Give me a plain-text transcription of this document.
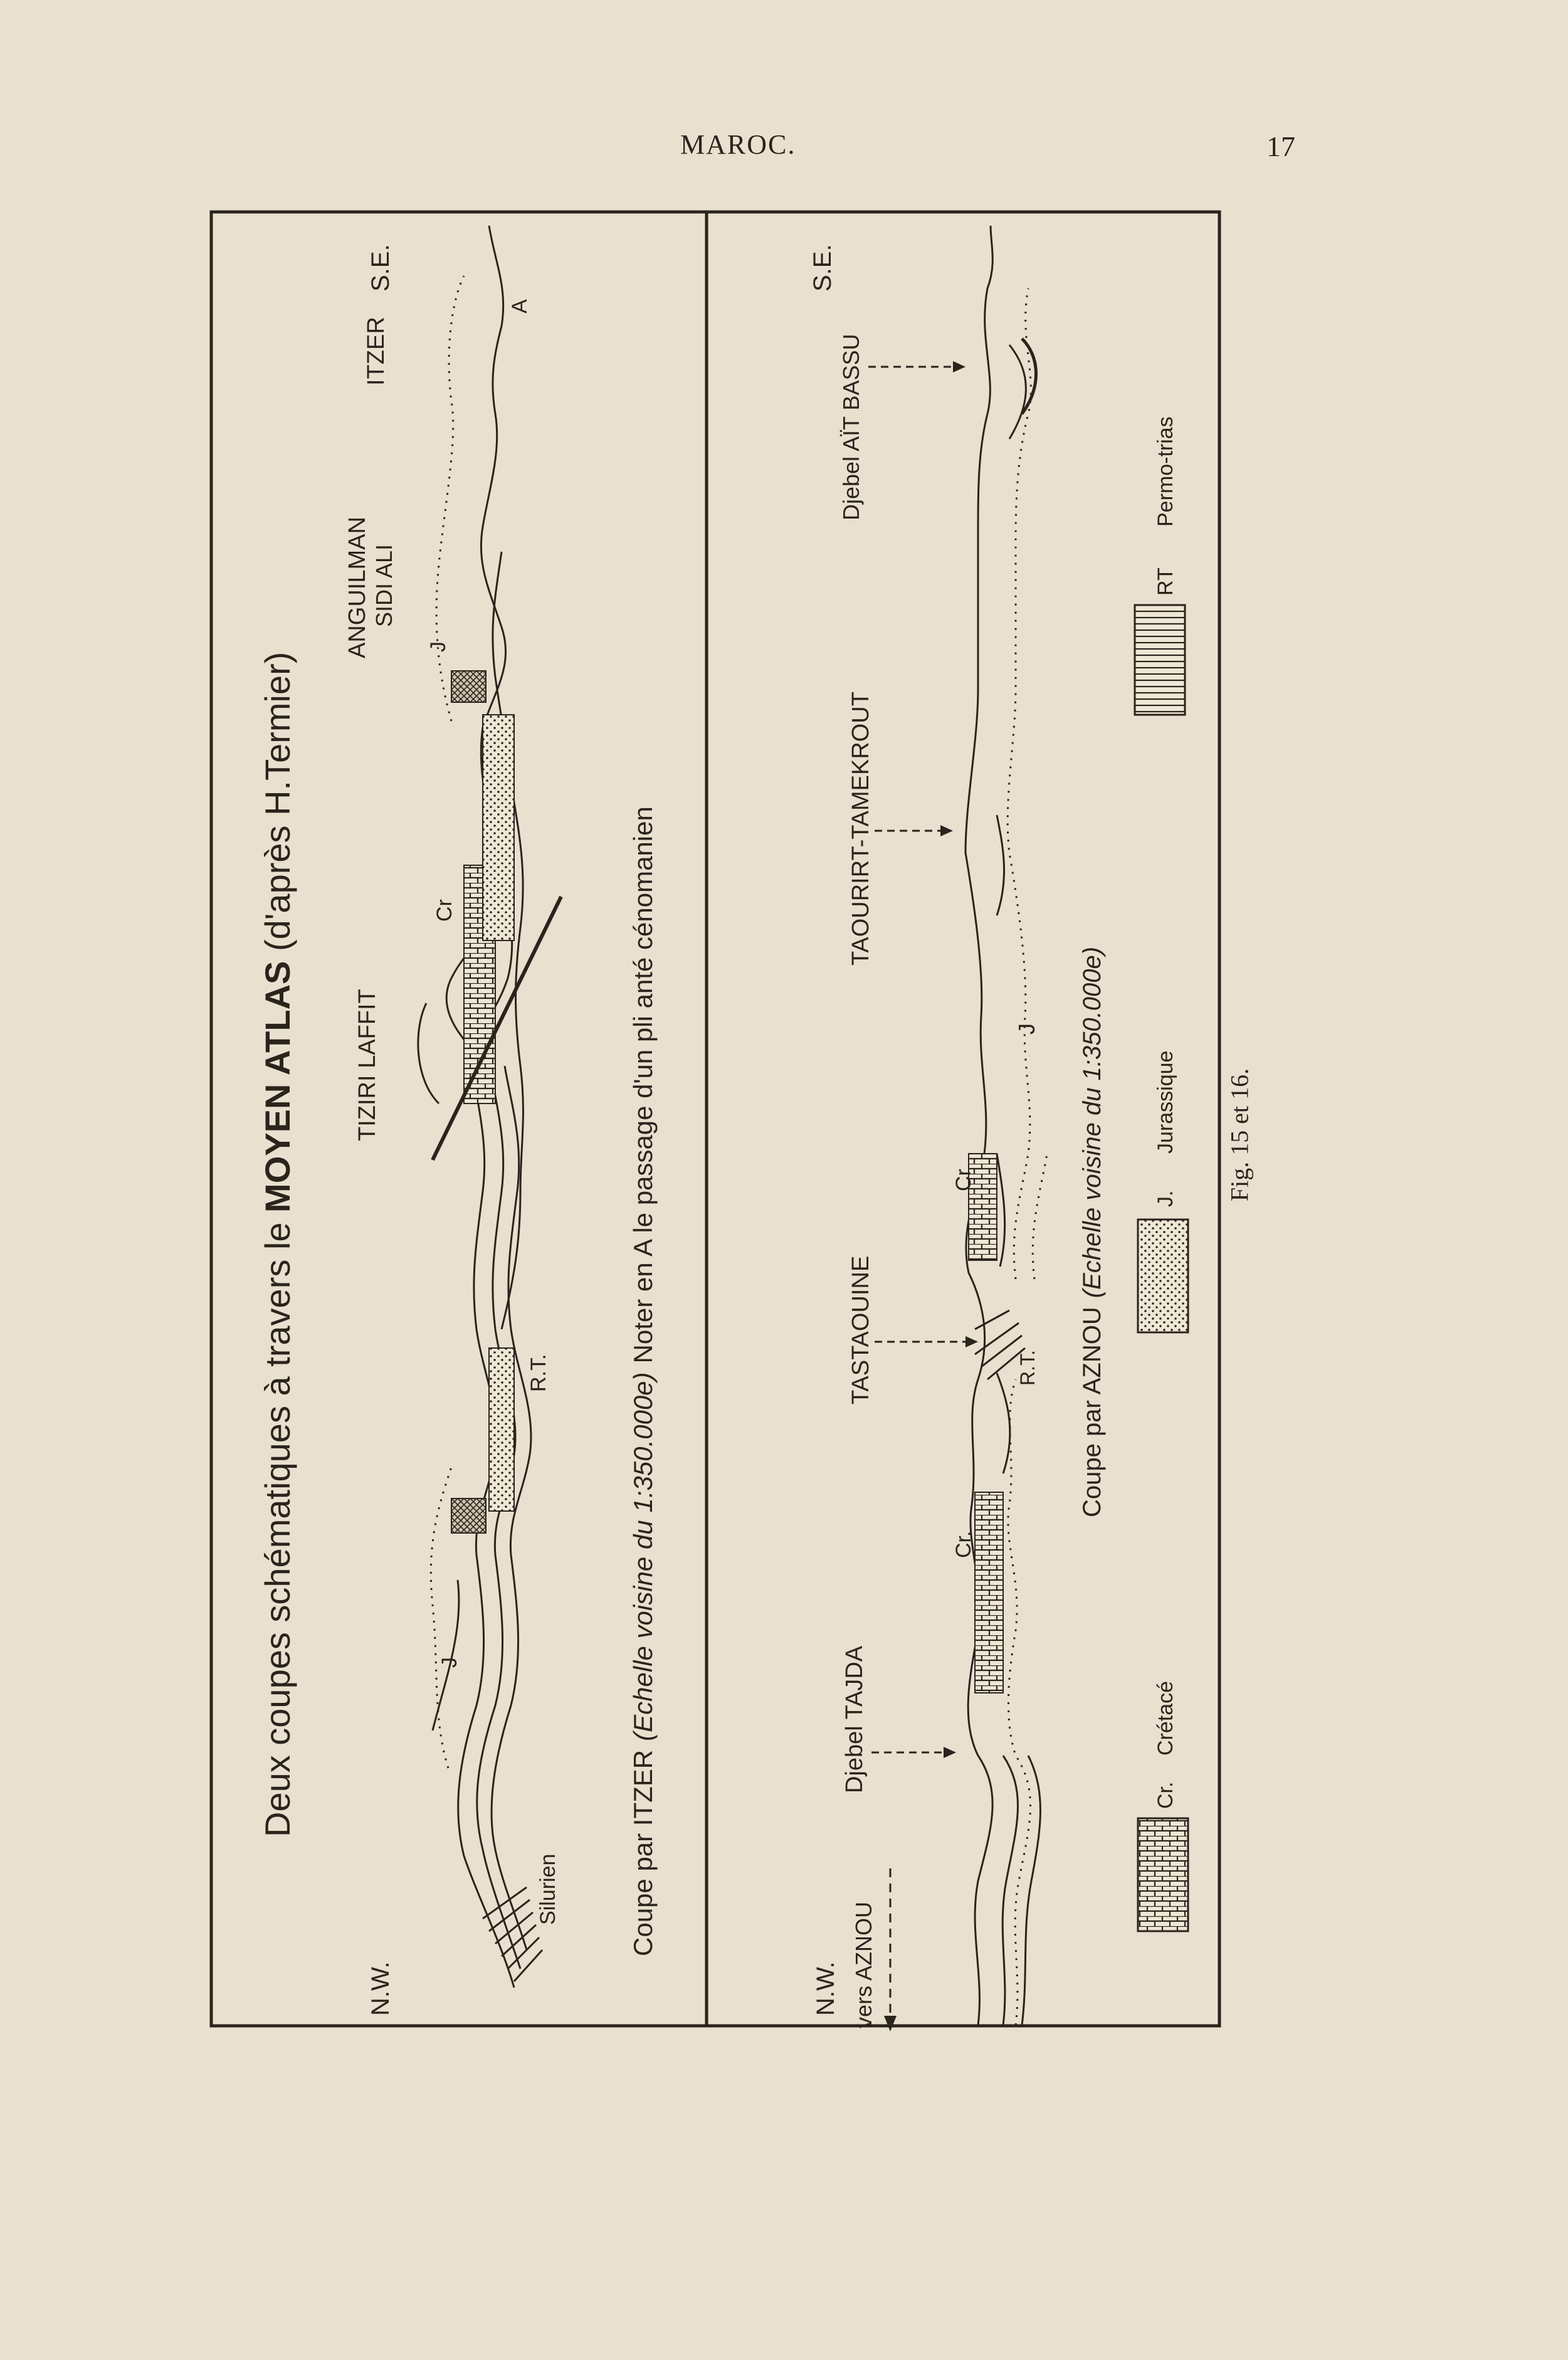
MAROC.	17
Deux coupes schématiques à travers le MOYEN ATLAS (d'après H.Termier)
N.W.
S.E.
TIZIRI LAFFIT
ANGUILMAN SIDI ALI
ITZER
Silurien
J
R.T.
Cr
J
A
Coupe par ITZER(Echelle voisine du 1:350.000e)Noter en A le passage d'un pli anté cénomanien
N.W. vers AZNOU
S.E.
Djebel TAJDA
TASTAOUINE
TAOURIRT-TAMEKROUT
Djebel AÏT BASSU
Cr.
R.T.
Cr
J
Coupe par AZNOU(Echelle voisine du 1:350.000e)
Cr.
Crétacé
J.
Jurassique
RT
Permo-trias
Fig. 15 et 16.
